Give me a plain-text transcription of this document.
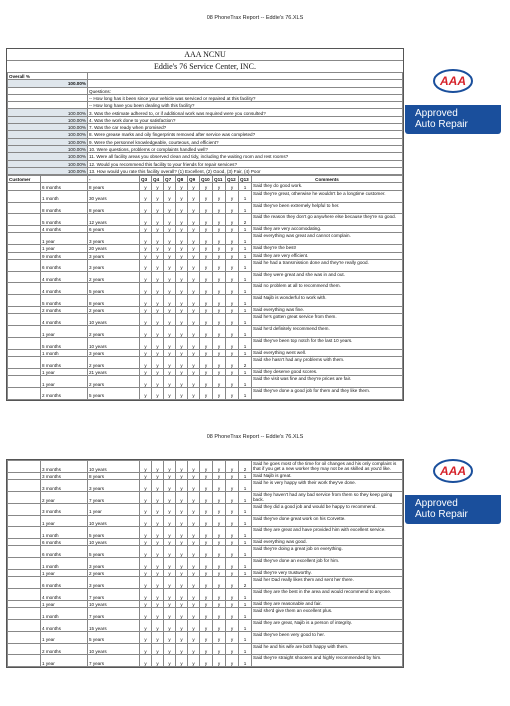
08 PhoneTrax Report -- Eddie's 76.XLS
AAA NCNU
Eddie's 76 Service Center, INC.
Overall %	
100.00%	
	Questions:
	-- How long has it been since your vehicle was serviced or repaired at this facility?
	-- How long have you been dealing with this facility?
100.00%	3. Was the estimate adhered to, or if additional work was required were you consulted?
100.00%	4. Was the work done to your satisfaction?
100.00%	7. Was the car ready when promised?
100.00%	8. Were grease marks and oily fingerprints removed after service was completed?
100.00%	9. Were the personnel knowledgeable, courteous, and efficient?
100.00%	10. Were questions, problems or complaints handled well?
100.00%	11. Were all facility areas you observed clean and tidy, including the waiting room and rest rooms?
100.00%	12. Would you recommend this facility to your friends for repair services?
100.00%	13. How would you rate this facility overall? (1) Excellent, (2) Good, (3) Fair, (4) Poor
Customer		-	Q3	Q4	Q7	Q8	Q9	Q10	Q11	Q12	Q13	Comments
	6 months	8 years	y	y	y	y	y	y	y	y	1	Said they do good work.
	1 month	30 years	y	y	y	y	y	y	y	y	1	Said they're great, otherwise he wouldn't be a longtime customer.
	8 months	8 years	y	y	y	y	y	y	y	y	1	Said they've been extremely helpful to her.
	5 months	12 years	y	y	y	y	y	y	y	y	2	Said the reason they don't go anywhere else because they're so good.
	4 months	6 years	y	y	y	y	y	y	y	y	1	Said they are very accomodating.
	1 year	3 years	y	y	y	y	y	y	y	y	1	Said everything was great and cannot complain.
	1 year	20 years	y	y	y	y	y	y	y	y	1	Said they're the best!
	9 months	3 years	y	y	y	y	y	y	y	y	1	Said they are very efficient.
	6 months	3 years	y	y	y	y	y	y	y	y	1	Said he had a transmission done and they're really good.
	4 months	2 years	y	y	y	y	y	y	y	y	1	Said they were great and she was in and out.
	4 months	5 years	y	y	y	y	y	y	y	y	1	Said no problem at all to recommend them.
	5 months	8 years	y	y	y	y	y	y	y	y	1	Said Najib is wonderful to work with.
	2 months	2 years	y	y	y	y	y	y	y	y	1	Said everything was fine.
	4 months	10 years	y	y	y	y	y	y	y	y	1	Said he's gotten great service from them.
	1 year	2 years	y	y	y	y	y	y	y	y	1	Said he'd definitely recommend them.
	5 months	10 years	y	y	y	y	y	y	y	y	1	Said they've been top notch for the last 10 years.
	1 month	3 years	y	y	y	y	y	y	y	y	1	Said everything went well.
	8 months	2 years	y	y	y	y	y	y	y	y	2	Said she hasn't had any problems with them.
	1 year	21 years	y	y	y	y	y	y	y	y	1	Said they deserve good scores.
	1 year	2 years	y	y	y	y	y	y	y	y	1	Said the visit was fine and they're prices are fair.
	2 months	5 years	y	y	y	y	y	y	y	y	1	Said they've done a good job for them and they like them.
AAA
Approved
Auto Repair
08 PhoneTrax Report -- Eddie's 76.XLS
	3 months	10 years	y	y	y	y	y	y	y	y	2	Said he goes most of the time for oil changes and his only complaint is that if you get a new worker they may not be as skilled as you'd like.
	3 months	8 years	y	y	y	y	y	y	y	y	1	Said Najib is great.
	3 months	3 years	y	y	y	y	y	y	y	y	1	Said he is very happy with their work they've done.
	2 year	7 years	y	y	y	y	y	y	y	y	1	Said they haven't had any bad service from them so they keep going back.
	3 months	1 year	y	y	y	y	y	y	y	y	1	Said they did a good job and would be happy to recommend.
	1 year	10 years	y	y	y	y	y	y	y	y	1	Said they've done great work on his Corvette.
	1 month	5 years	y	y	y	y	y	y	y	y	1	Said they are great and have provided him with excellent service.
	6 months	10 years	y	y	y	y	y	y	y	y	1	Said everything was good.
	6 months	5 years	y	y	y	y	y	y	y	y	1	Said they're doing a great job on everything.
	1 month	3 years	y	y	y	y	y	y	y	y	1	Said they've done an excellent job for him.
	1 year	2 years	y	y	y	y	y	y	y	y	1	Said they're very trustworthy.
	6 months	3 years	y	y	y	y	y	y	y	y	2	Said her Dad really likes them and sent her there.
	4 months	7 years	y	y	y	y	y	y	y	y	1	Said they are the best in the area and would recommend to anyone.
	1 year	10 years	y	y	y	y	y	y	y	y	1	Said they are reasonable and fair.
	1 month	7 years	y	y	y	y	y	y	y	y	1	Said she'd give them an excellent plus.
	4 months	15 years	y	y	y	y	y	y	y	y	1	Said they are great, Najib is a person of integrity.
	1 year	5 years	y	y	y	y	y	y	y	y	1	Said they've been very good to her.
	2 months	10 years	y	y	y	y	y	y	y	y	1	Said he and his wife are both happy with them.
	1 year	7 years	y	y	y	y	y	y	y	y	1	Said they're straight shooters and highly recommended by him.
AAA
Approved
Auto Repair
